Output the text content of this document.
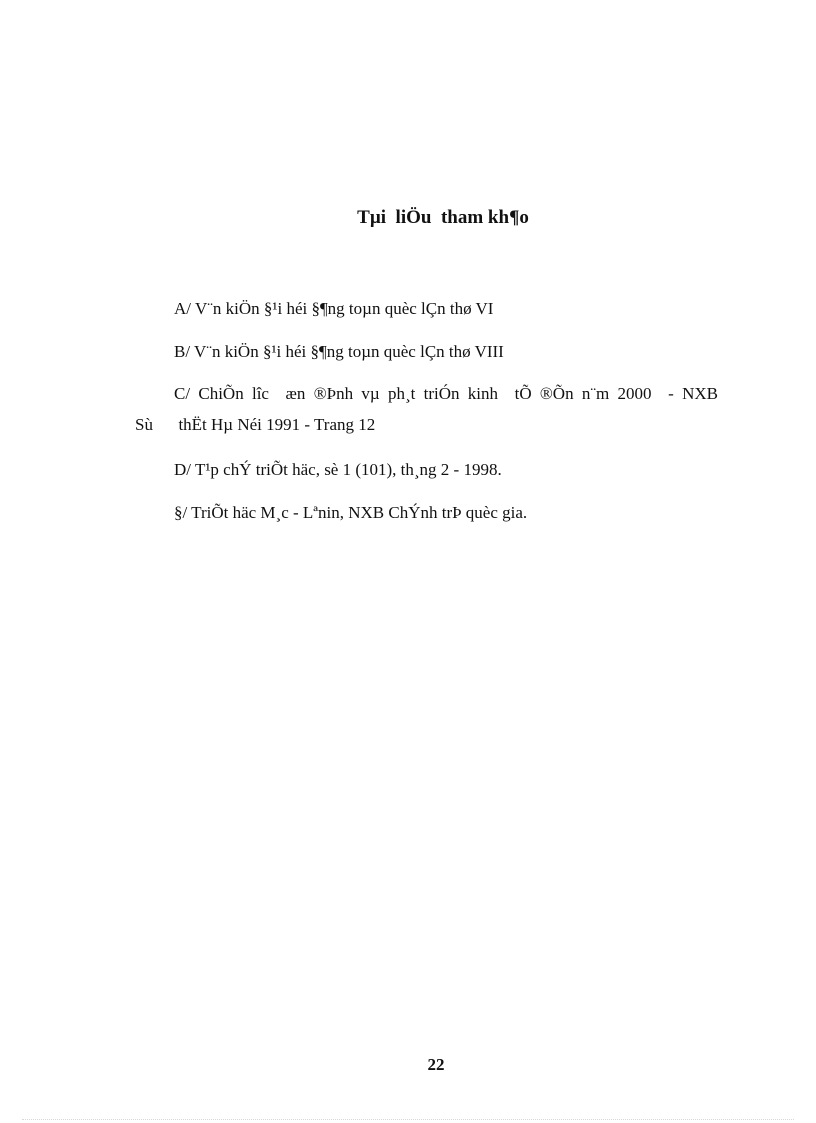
Tµi  liÖu  tham kh¶o
A/ V¨n kiÖn §¹i héi §¶ng toµn quèc lÇn thø VI
B/ V¨n kiÖn §¹i héi §¶ng toµn quèc lÇn thø VIII
C/ ChiÕn lîc  æn ®Þnh vµ ph¸t triÓn kinh  tÕ ®Õn n¨m 2000  - NXB
Sù      thËt Hµ Néi 1991 - Trang 12
D/ T¹p chÝ triÕt häc, sè 1 (101), th¸ng 2 - 1998.
§/ TriÕt häc M¸c - Lªnin, NXB ChÝnh trÞ quèc gia.
22
